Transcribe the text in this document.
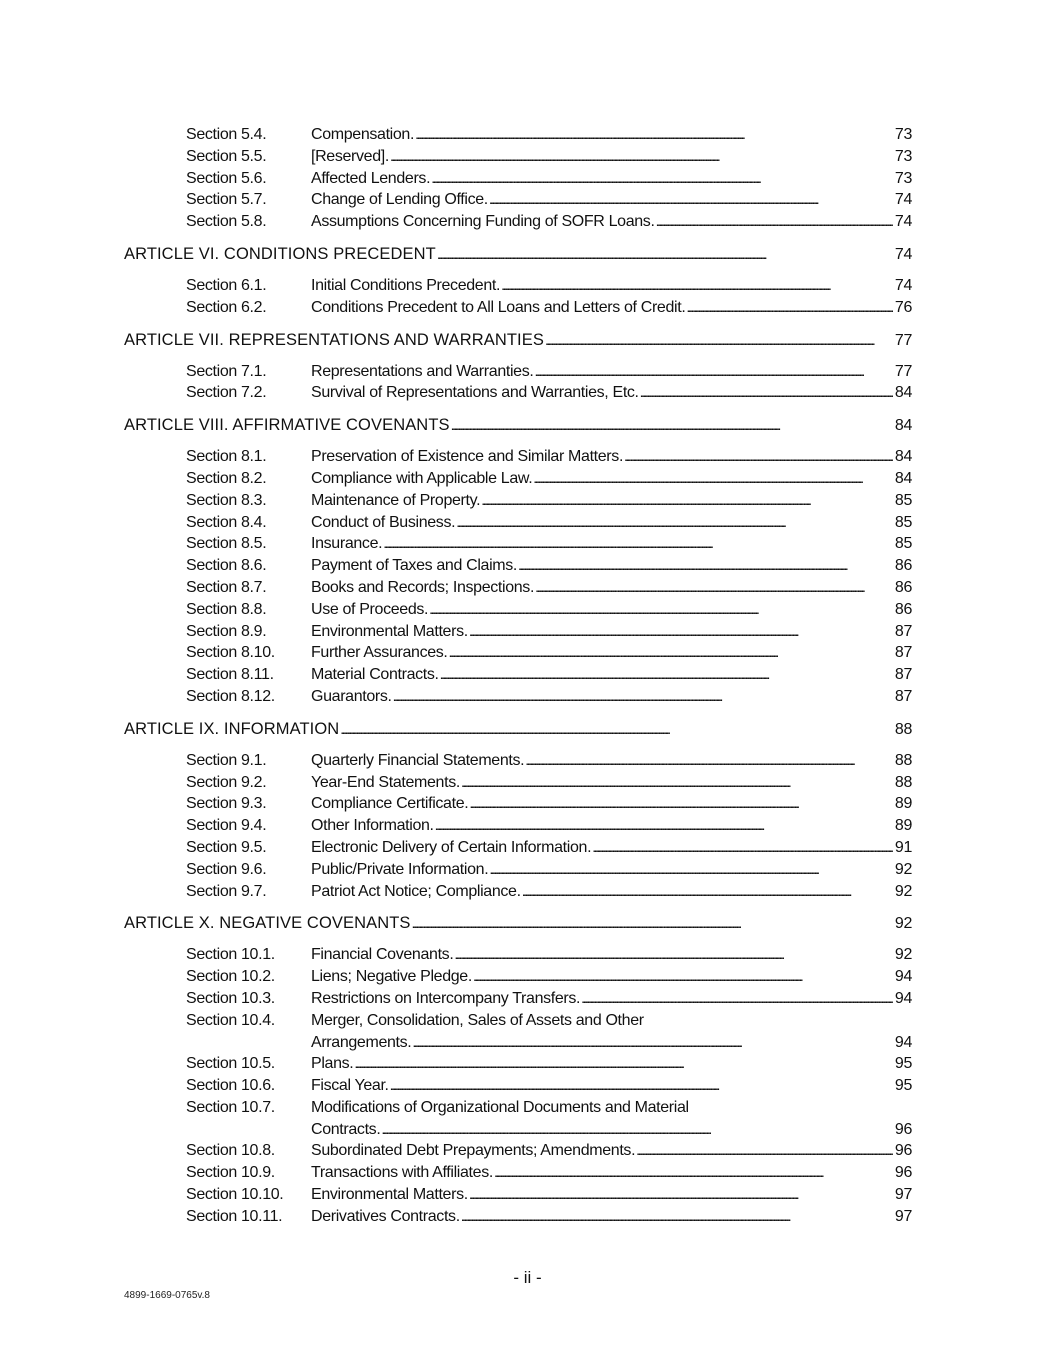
Section 5.4.	Compensation. . . .	73
Section 5.5.	[Reserved]. . . .	73
Section 5.6.	Affected Lenders. . . .	73
Section 5.7.	Change of Lending Office. . . .	74
Section 5.8.	Assumptions Concerning Funding of SOFR Loans. . . .	74
ARTICLE VI. CONDITIONS PRECEDENT . . .	74
Section 6.1.	Initial Conditions Precedent. . . .	74
Section 6.2.	Conditions Precedent to All Loans and Letters of Credit. . . .	76
ARTICLE VII. REPRESENTATIONS AND WARRANTIES . . .	77
Section 7.1.	Representations and Warranties. . . .	77
Section 7.2.	Survival of Representations and Warranties, Etc. . . .	84
ARTICLE VIII. AFFIRMATIVE COVENANTS . . .	84
Section 8.1.	Preservation of Existence and Similar Matters. . . .	84
Section 8.2.	Compliance with Applicable Law. . . .	84
Section 8.3.	Maintenance of Property. . . .	85
Section 8.4.	Conduct of Business. . . .	85
Section 8.5.	Insurance. . . .	85
Section 8.6.	Payment of Taxes and Claims. . . .	86
Section 8.7.	Books and Records; Inspections. . . .	86
Section 8.8.	Use of Proceeds. . . .	86
Section 8.9.	Environmental Matters. . . .	87
Section 8.10. Further Assurances. . . .	87
Section 8.11. Material Contracts. . . .	87
Section 8.12. Guarantors. . . .	87
ARTICLE IX. INFORMATION . . .	88
Section 9.1.	Quarterly Financial Statements. . . .	88
Section 9.2.	Year-End Statements. . . .	88
Section 9.3.	Compliance Certificate. . . .	89
Section 9.4.	Other Information. . . .	89
Section 9.5.	Electronic Delivery of Certain Information. . . .	91
Section 9.6.	Public/Private Information. . . .	92
Section 9.7.	Patriot Act Notice; Compliance. . . .	92
ARTICLE X. NEGATIVE COVENANTS . . .	92
Section 10.1. Financial Covenants. . . .	92
Section 10.2. Liens; Negative Pledge. . . .	94
Section 10.3. Restrictions on Intercompany Transfers. . . .	94
Section 10.4. Merger, Consolidation, Sales of Assets and Other
Arrangements. . . .	94
Section 10.5. Plans. . . .	95
Section 10.6. Fiscal Year. . . .	95
Section 10.7. Modifications of Organizational Documents and Material
Contracts. . . .	96
Section 10.8. Subordinated Debt Prepayments; Amendments. . . .	96
Section 10.9. Transactions with Affiliates. . . .	96
Section 10.10. Environmental Matters. . . .	97
Section 10.11. Derivatives Contracts. . . .	97
- ii -
4899-1669-0765v.8
